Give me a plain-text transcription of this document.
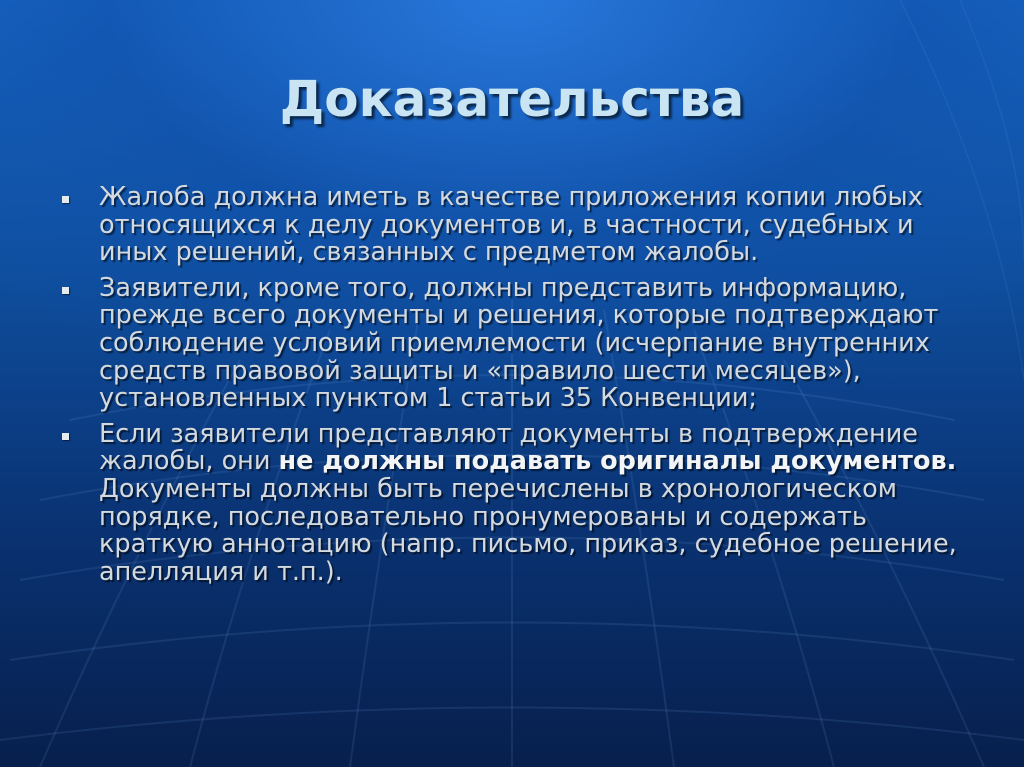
Доказательства
Жалоба должна иметь в качестве приложения копии любых относящихся к делу документов и, в частности, судебных и иных решений, связанных с предметом жалобы.
Заявители, кроме того, должны представить информацию, прежде всего документы и решения, которые подтверждают соблюдение условий приемлемости (исчерпание внутренних средств правовой защиты и «правило шести месяцев»), установленных пунктом 1 статьи 35 Конвенции;
Если заявители представляют документы в подтверждение жалобы, они не должны подавать оригиналы документов. Документы должны быть перечислены в хронологическом порядке, последовательно пронумерованы и содержать краткую аннотацию (напр. письмо, приказ, судебное решение, апелляция и т.п.).
